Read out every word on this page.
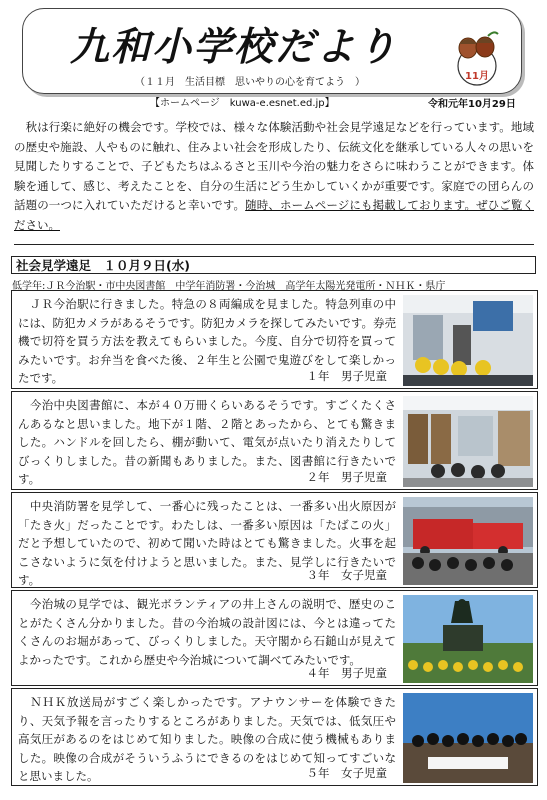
九和小学校だより
（１１月　生活目標　思いやりの心を育てよう　）
11月
【ホームページ　kuwa-e.esnet.ed.jp】	令和元年10月29日
　秋は行楽に絶好の機会です。学校では、様々な体験活動や社会見学遠足などを行っています。地域の歴史や施設、人やものに触れ、住みよい社会を形成したり、伝統文化を継承している人々の思いを見聞したりすることで、子どもたちはふるさと玉川や今治の魅力をさらに味わうことができます。体験を通して、感じ、考えたことを、自分の生活にどう生かしていくかが重要です。家庭での団らんの話題の一つに入れていただけると幸いです。随時、ホームページにも掲載しております。ぜひご覧ください。
社会見学遠足　１０月９日(水)
低学年:ＪＲ今治駅・市中央図書館　中学年消防署・今治城　高学年太陽光発電所・ＮＨＫ・県庁
　ＪＲ今治駅に行きました。特急の８両編成を見ました。特急列車の中には、防犯カメラがあるそうです。防犯カメラを探してみたいです。券売機で切符を買う方法を教えてもらいました。今度、自分で切符を買ってみたいです。お弁当を食べた後、２年生と公園で鬼遊びをして楽しかったです。	１年　男子児童
　今治中央図書館に、本が４０万冊くらいあるそうです。すごくたくさんあるなと思いました。地下が１階、２階とあったから、とても驚きました。ハンドルを回したら、棚が動いて、電気が点いたり消えたりしてびっくりしました。昔の新聞もありました。また、図書館に行きたいです。	２年　男子児童
　中央消防署を見学して、一番心に残ったことは、一番多い出火原因が「たき火」だったことです。わたしは、一番多い原因は「たばこの火」だと予想していたので、初めて聞いた時はとても驚きました。火事を起こさないように気を付けようと思いました。また、見学しに行きたいです。	３年　女子児童
　今治城の見学では、観光ボランティアの井上さんの説明で、歴史のことがたくさん分かりました。昔の今治城の設計図には、今とは違ってたくさんのお堀があって、びっくりしました。天守閣から石鎚山が見えてよかったです。これから歴史や今治城について調べてみたいです。
４年　男子児童
　ＮＨＫ放送局がすごく楽しかったです。アナウンサーを体験できたり、天気予報を言ったりするところがありました。天気では、低気圧や高気圧があるのをはじめて知りました。映像の合成に使う機械もありました。映像の合成がそういうふうにできるのをはじめて知ってすごいなと思いました。	５年　女子児童
